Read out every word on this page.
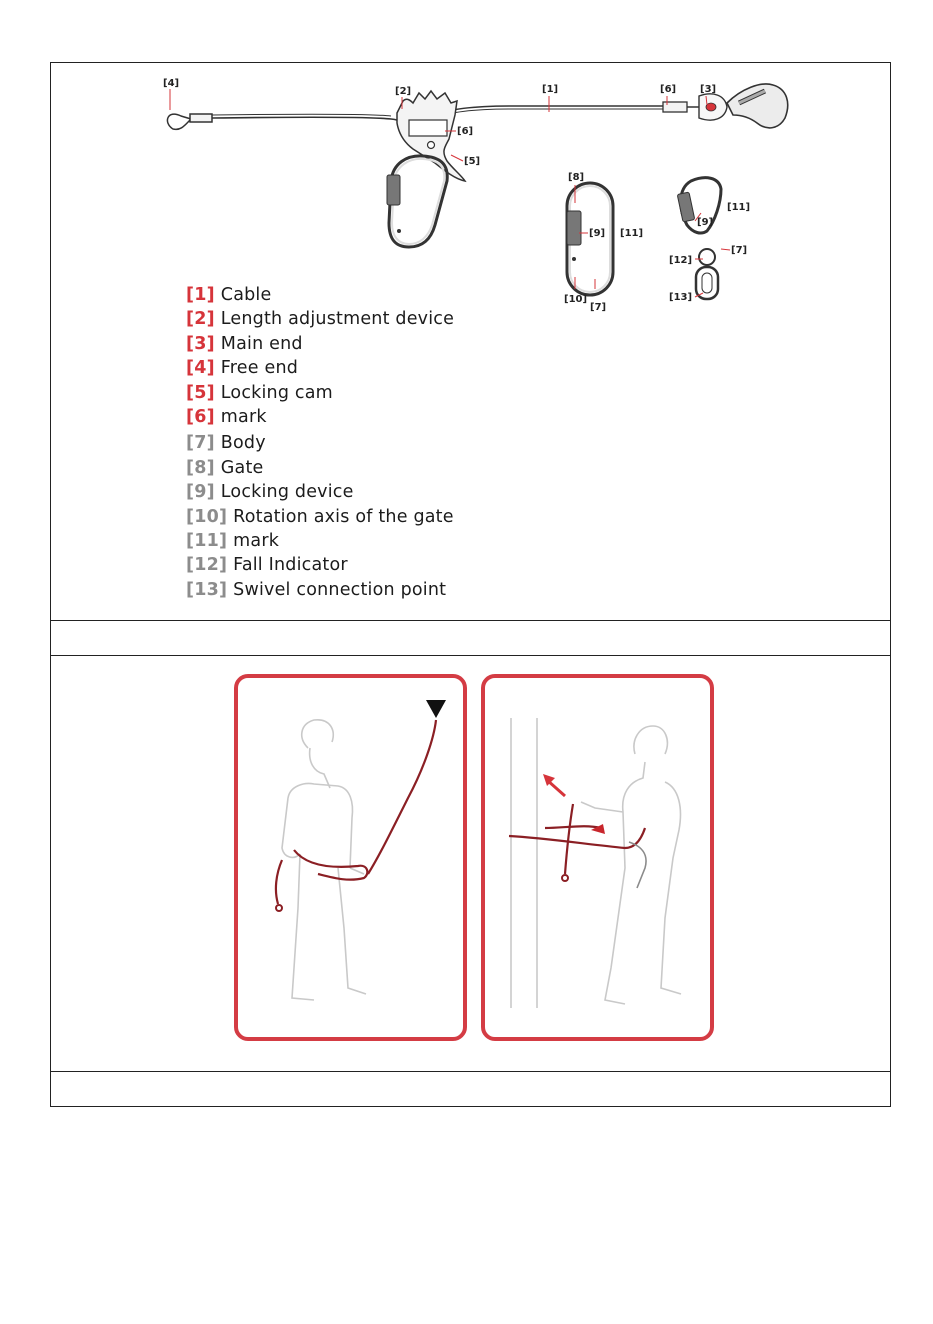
[4]
[2]	[1]	[6] [3]
[6]
[5]
[8]
[9]
[10]
[11]
[7]
[9]
[11]
[7]
[12]
[13]
[1] Cable
[2] Length adjustment device
[3] Main end
[4] Free end
[5] Locking cam
[6] mark
[7] Body
[8] Gate
[9] Locking device
[10] Rotation axis of the gate
[11] mark
[12] Fall Indicator
[13] Swivel connection point
